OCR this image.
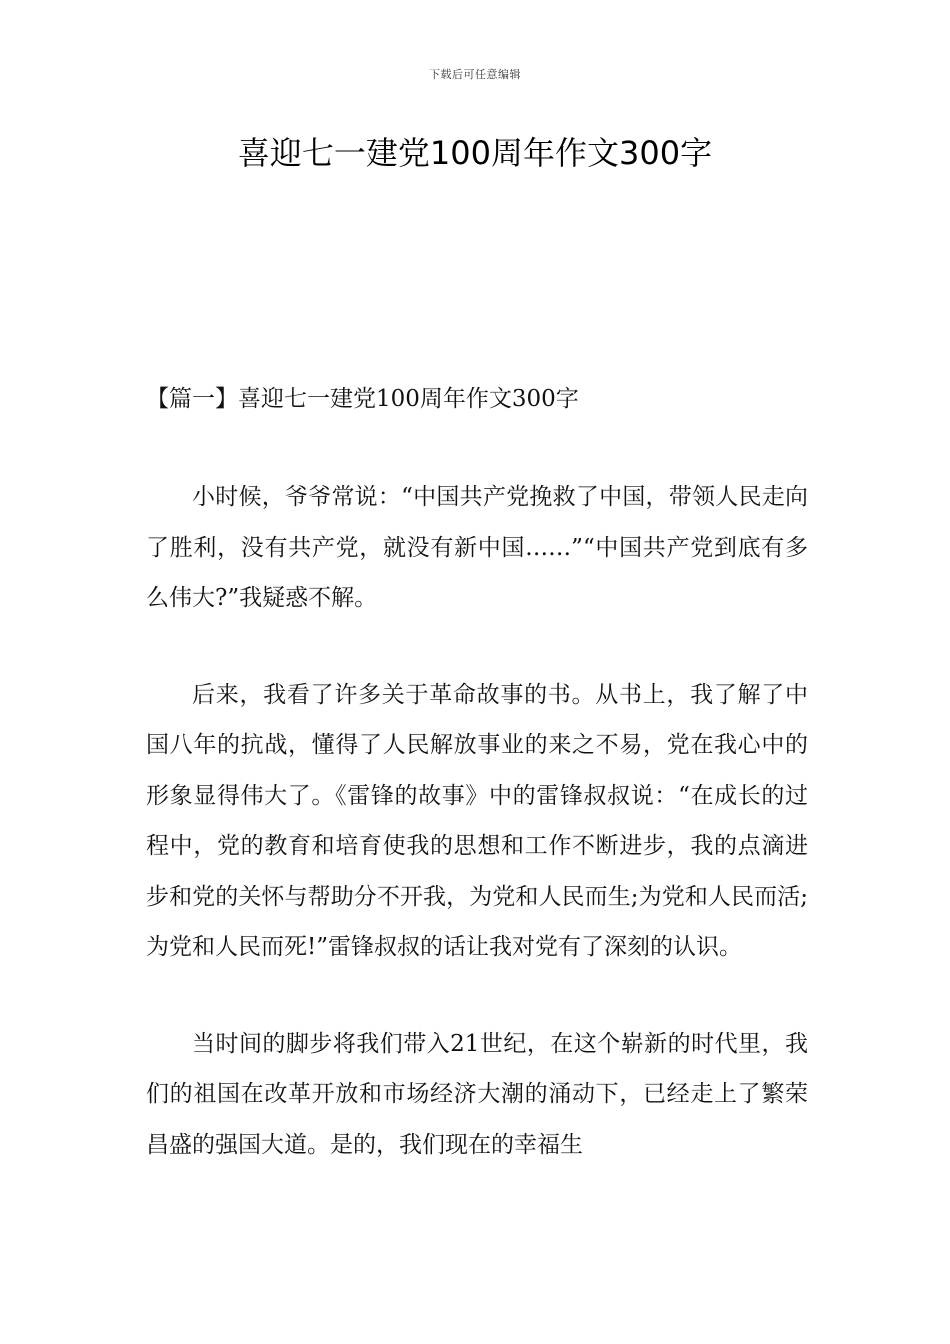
下载后可任意编辑
喜迎七一建党100周年作文300字
【篇一】喜迎七一建党100周年作文300字

小时候，爷爷常说：“中国共产党挽救了中国，带领人民走向了胜利，没有共产党，就没有新中国……”“中国共产党到底有多么伟大?”我疑惑不解。

后来，我看了许多关于革命故事的书。从书上，我了解了中国八年的抗战，懂得了人民解放事业的来之不易，党在我心中的形象显得伟大了。《雷锋的故事》中的雷锋叔叔说：“在成长的过程中，党的教育和培育使我的思想和工作不断进步，我的点滴进步和党的关怀与帮助分不开我，为党和人民而生;为党和人民而活;为党和人民而死!”雷锋叔叔的话让我对党有了深刻的认识。

当时间的脚步将我们带入21世纪，在这个崭新的时代里，我们的祖国在改革开放和市场经济大潮的涌动下，已经走上了繁荣昌盛的强国大道。是的，我们现在的幸福生
